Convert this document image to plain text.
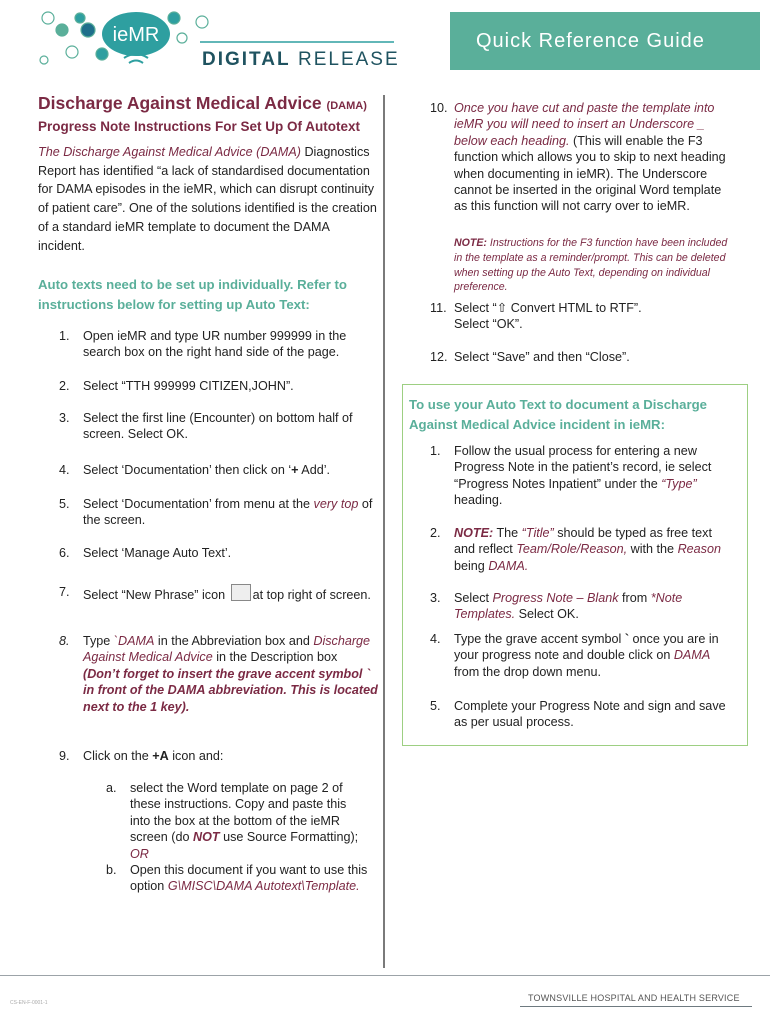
ieMR
DIGITAL RELEASE
Quick Reference Guide
Discharge Against Medical Advice (DAMA)
Progress Note Instructions For Set Up Of Autotext
The Discharge Against Medical Advice (DAMA) Diagnostics Report has identified “a lack of standardised documentation for DAMA episodes in the ieMR, which can disrupt continuity of patient care”. One of the solutions identified is the creation of a standard ieMR template to document the DAMA incident.
Auto texts need to be set up individually. Refer to instructions below for setting up Auto Text:
1. Open ieMR and type UR number 999999 in the search box on the right hand side of the page.
2. Select “TTH 999999 CITIZEN,JOHN”.
3. Select the first line (Encounter) on bottom half of screen. Select OK.
4. Select ‘Documentation’ then click on ‘+ Add’.
5. Select ‘Documentation’ from menu at the very top of the screen.
6. Select ‘Manage Auto Text’.
7. Select “New Phrase” icon at top right of screen.
8. Type `DAMA in the Abbreviation box and Discharge Against Medical Advice in the Description box
(Don’t forget to insert the grave accent symbol ` in front of the DAMA abbreviation. This is located next to the 1 key).
9. Click on the +A icon and:
a. select the Word template on page 2 of these instructions. Copy and paste this into the box at the bottom of the ieMR screen (do NOT use Source Formatting);
OR
b. Open this document if you want to use this option G\MISC\DAMA Autotext\Template.
10. Once you have cut and paste the template into ieMR you will need to insert an Underscore _ below each heading. (This will enable the F3 function which allows you to skip to next heading when documenting in ieMR). The Underscore cannot be inserted in the original Word template as this function will not carry over to ieMR.
NOTE: Instructions for the F3 function have been included in the template as a reminder/prompt. This can be deleted when setting up the Auto Text, depending on individual preference.
11. Select “⇧ Convert HTML to RTF”.
Select “OK”.
12. Select “Save” and then “Close”.
To use your Auto Text to document a Discharge Against Medical Advice incident in ieMR:
1. Follow the usual process for entering a new Progress Note in the patient’s record, ie select “Progress Notes Inpatient” under the “Type” heading.
2. NOTE: The “Title” should be typed as free text and reflect Team/Role/Reason, with the Reason being DAMA.
3. Select Progress Note – Blank from *Note Templates. Select OK.
4. Type the grave accent symbol ` once you are in your progress note and double click on DAMA from the drop down menu.
5. Complete your Progress Note and sign and save as per usual process.
CS-EN-F-0001-1	TOWNSVILLE HOSPITAL AND HEALTH SERVICE
